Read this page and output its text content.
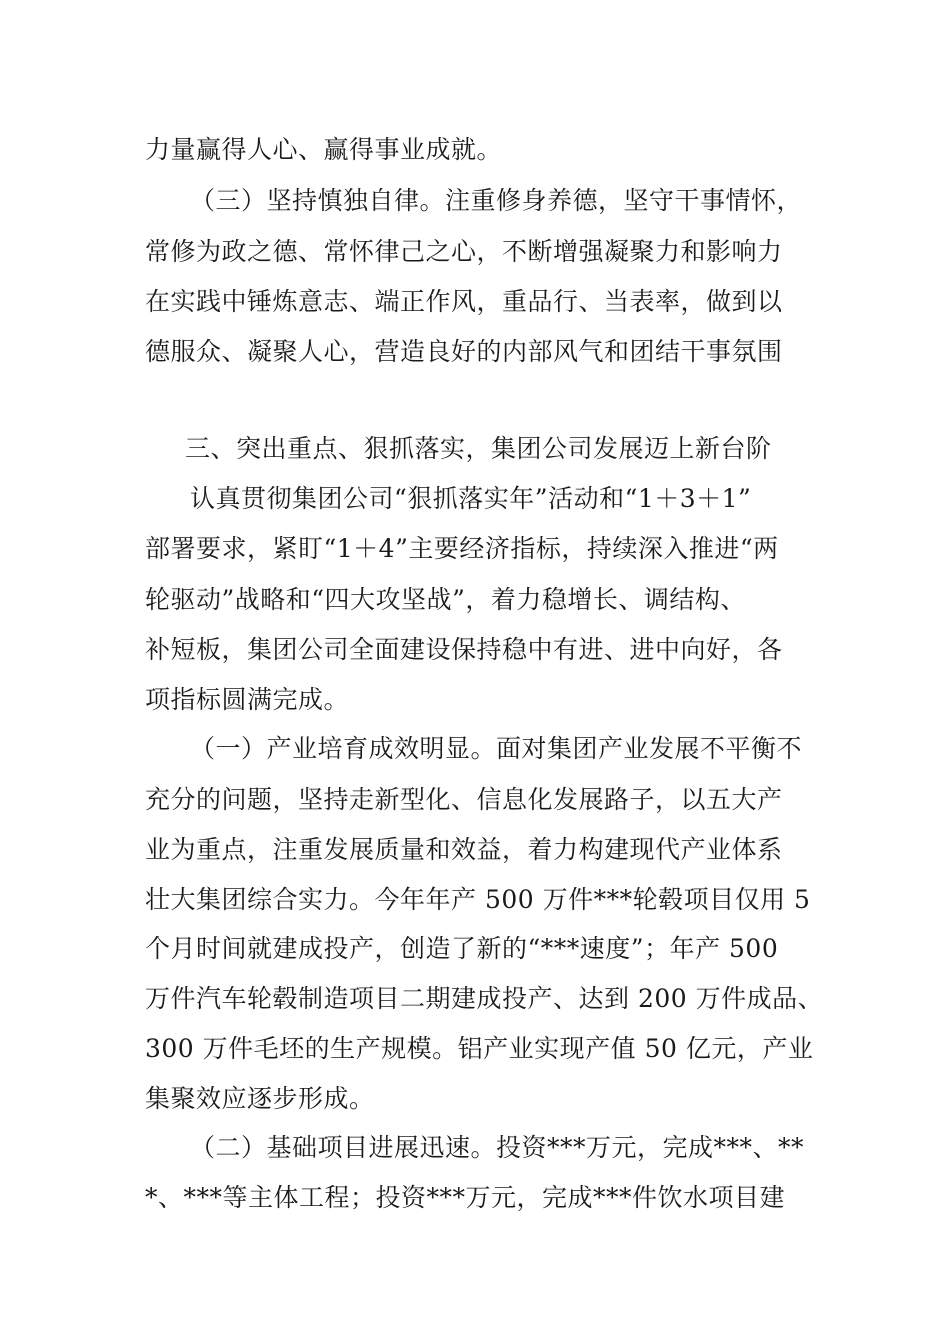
力量赢得人心、赢得事业成就。
（三）坚持慎独自律。注重修身养德，坚守干事情怀，
常修为政之德、常怀律己之心，不断增强凝聚力和影响力
在实践中锤炼意志、端正作风，重品行、当表率，做到以
德服众、凝聚人心，营造良好的内部风气和团结干事氛围
三、突出重点、狠抓落实，集团公司发展迈上新台阶
认真贯彻集团公司“狠抓落实年”活动和“1＋3＋1”
部署要求，紧盯“1＋4”主要经济指标，持续深入推进“两
轮驱动”战略和“四大攻坚战”，着力稳增长、调结构、
补短板，集团公司全面建设保持稳中有进、进中向好，各
项指标圆满完成。
（一）产业培育成效明显。面对集团产业发展不平衡不
充分的问题，坚持走新型化、信息化发展路子，以五大产
业为重点，注重发展质量和效益，着力构建现代产业体系
壮大集团综合实力。今年年产 500 万件***轮毂项目仅用 5
个月时间就建成投产，创造了新的“***速度”；年产 500
万件汽车轮毂制造项目二期建成投产、达到 200 万件成品、
300 万件毛坯的生产规模。铝产业实现产值 50 亿元，产业
集聚效应逐步形成。
（二）基础项目进展迅速。投资***万元，完成***、**
*、***等主体工程；投资***万元，完成***件饮水项目建
